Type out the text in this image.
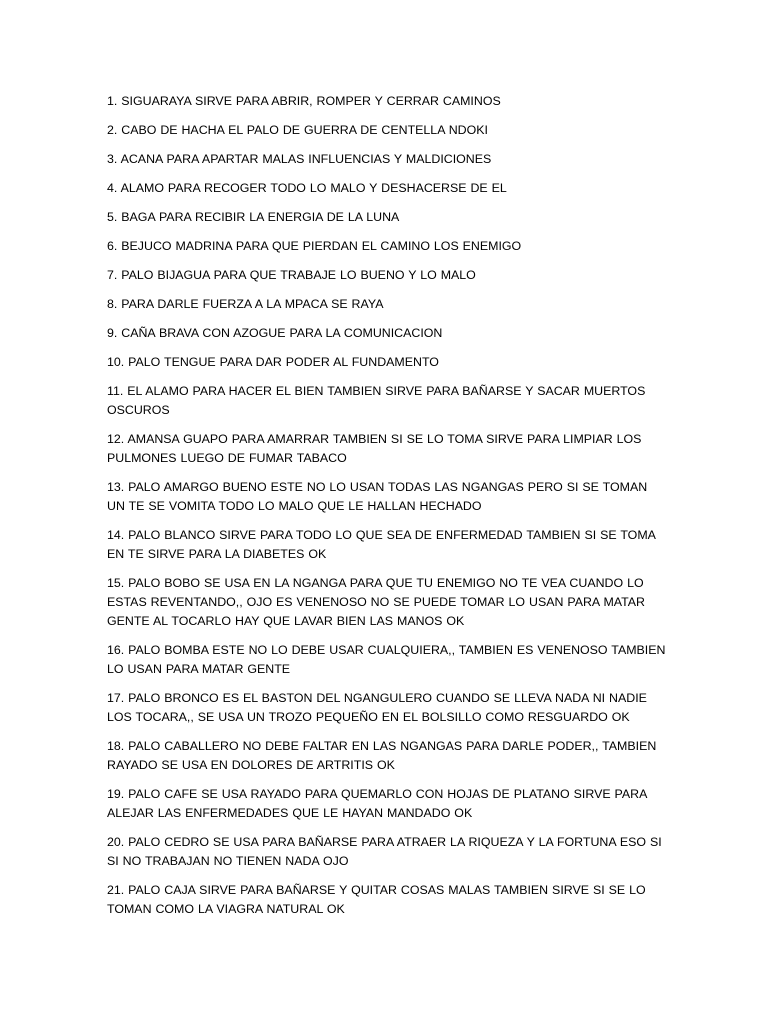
1. SIGUARAYA SIRVE PARA ABRIR, ROMPER Y CERRAR CAMINOS

2. CABO DE HACHA EL PALO DE GUERRA DE CENTELLA NDOKI

3. ACANA PARA APARTAR MALAS INFLUENCIAS Y MALDICIONES

4. ALAMO PARA RECOGER TODO LO MALO Y DESHACERSE DE EL

5. BAGA PARA RECIBIR LA ENERGIA DE LA LUNA

6. BEJUCO MADRINA PARA QUE PIERDAN EL CAMINO LOS ENEMIGO

7. PALO BIJAGUA PARA QUE TRABAJE LO BUENO Y LO MALO

8. PARA DARLE FUERZA A LA MPACA SE RAYA

9. CAÑA BRAVA CON AZOGUE PARA LA COMUNICACION

10. PALO TENGUE PARA DAR PODER AL FUNDAMENTO

11. EL ALAMO PARA HACER EL BIEN TAMBIEN SIRVE PARA BAÑARSE Y SACAR MUERTOS OSCUROS

12. AMANSA GUAPO PARA AMARRAR TAMBIEN SI SE LO TOMA SIRVE PARA LIMPIAR LOS PULMONES LUEGO DE FUMAR TABACO

13. PALO AMARGO BUENO ESTE NO LO USAN TODAS LAS NGANGAS PERO SI SE TOMAN UN TE SE VOMITA TODO LO MALO QUE LE HALLAN HECHADO

14. PALO BLANCO SIRVE PARA TODO LO QUE SEA DE ENFERMEDAD TAMBIEN SI SE TOMA EN TE SIRVE PARA LA DIABETES OK

15. PALO BOBO SE USA EN LA NGANGA PARA QUE TU ENEMIGO NO TE VEA CUANDO LO ESTAS REVENTANDO,, OJO ES VENENOSO NO SE PUEDE TOMAR LO USAN PARA MATAR GENTE AL TOCARLO HAY QUE LAVAR BIEN LAS MANOS OK

16. PALO BOMBA ESTE NO LO DEBE USAR CUALQUIERA,, TAMBIEN ES VENENOSO TAMBIEN LO USAN PARA MATAR GENTE

17. PALO BRONCO ES EL BASTON DEL NGANGULERO CUANDO SE LLEVA NADA NI NADIE LOS TOCARA,, SE USA UN TROZO PEQUEÑO EN EL BOLSILLO COMO RESGUARDO OK

18. PALO CABALLERO NO DEBE FALTAR EN LAS NGANGAS PARA DARLE PODER,, TAMBIEN RAYADO SE USA EN DOLORES DE ARTRITIS OK

19. PALO CAFE SE USA RAYADO PARA QUEMARLO CON HOJAS DE PLATANO SIRVE PARA ALEJAR LAS ENFERMEDADES QUE LE HAYAN MANDADO OK

20. PALO CEDRO SE USA PARA BAÑARSE PARA ATRAER LA RIQUEZA Y LA FORTUNA ESO SI SI NO TRABAJAN NO TIENEN NADA OJO

21. PALO CAJA SIRVE PARA BAÑARSE Y QUITAR COSAS MALAS TAMBIEN SIRVE SI SE LO TOMAN COMO LA VIAGRA NATURAL OK
